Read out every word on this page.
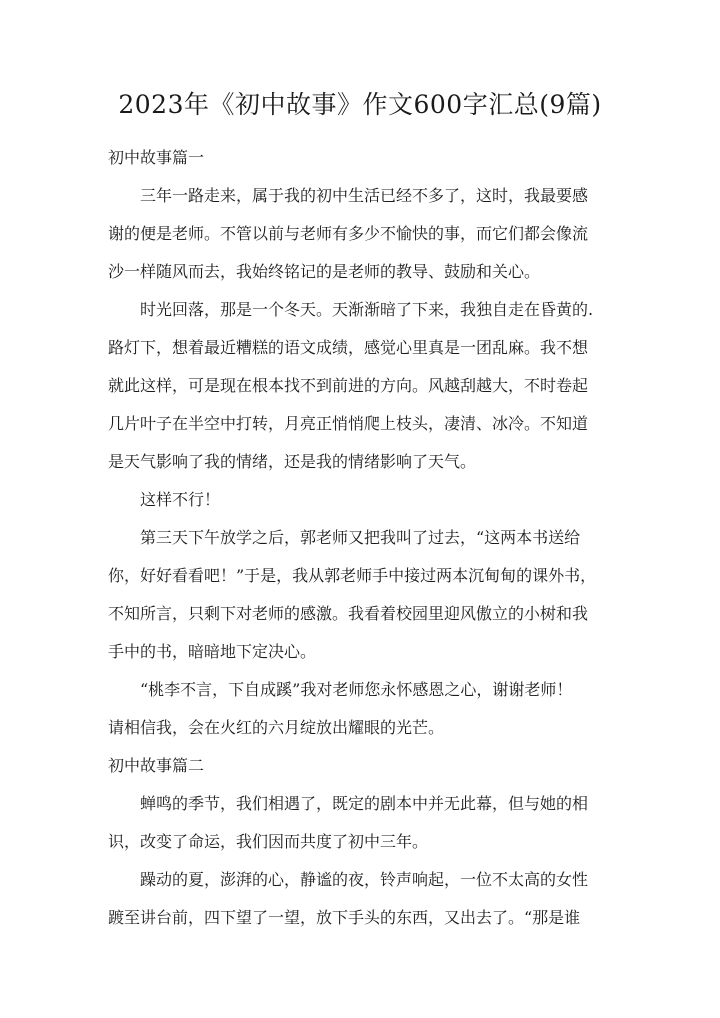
2023年《初中故事》作文600字汇总(9篇)
初中故事篇一
三年一路走来，属于我的初中生活已经不多了，这时，我最要感
谢的便是老师。不管以前与老师有多少不愉快的事，而它们都会像流
沙一样随风而去，我始终铭记的是老师的教导、鼓励和关心。
时光回落，那是一个冬天。天渐渐暗了下来，我独自走在昏黄的.
路灯下，想着最近糟糕的语文成绩，感觉心里真是一团乱麻。我不想
就此这样，可是现在根本找不到前进的方向。风越刮越大，不时卷起
几片叶子在半空中打转，月亮正悄悄爬上枝头，凄清、冰冷。不知道
是天气影响了我的情绪，还是我的情绪影响了天气。
这样不行！
第三天下午放学之后，郭老师又把我叫了过去，“这两本书送给
你，好好看看吧！”于是，我从郭老师手中接过两本沉甸甸的课外书，
不知所言，只剩下对老师的感激。我看着校园里迎风傲立的小树和我
手中的书，暗暗地下定决心。
“桃李不言，下自成蹊”我对老师您永怀感恩之心，谢谢老师！
请相信我，会在火红的六月绽放出耀眼的光芒。
初中故事篇二
蝉鸣的季节，我们相遇了，既定的剧本中并无此幕，但与她的相
识，改变了命运，我们因而共度了初中三年。
躁动的夏，澎湃的心，静谧的夜，铃声响起，一位不太高的女性
踱至讲台前，四下望了一望，放下手头的东西，又出去了。“那是谁
